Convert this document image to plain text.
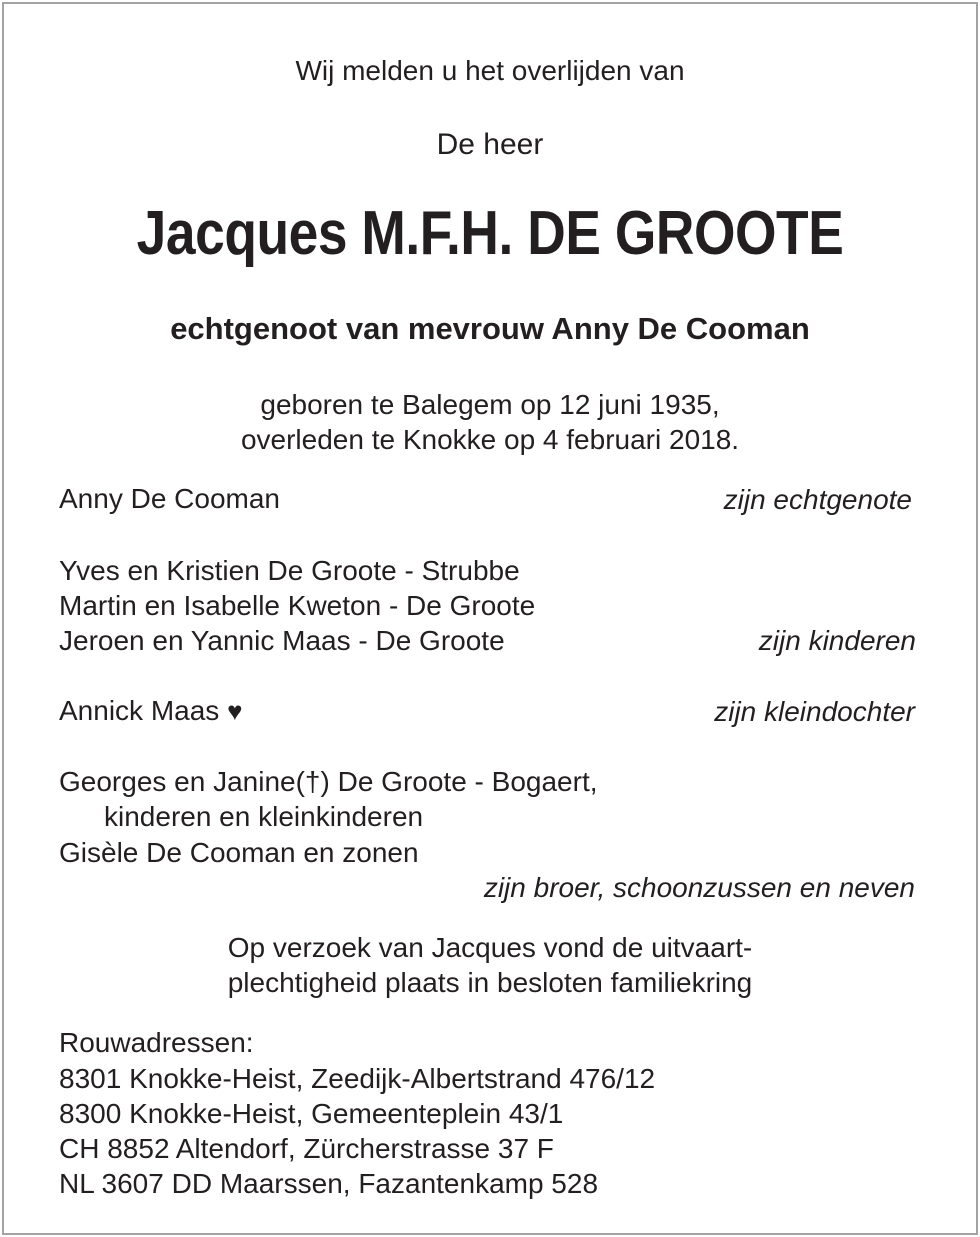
Wij melden u het overlijden van
De heer
Jacques M.F.H. DE GROOTE
echtgenoot van mevrouw Anny De Cooman
geboren te Balegem op 12 juni 1935,
overleden te Knokke op 4 februari 2018.
Anny De Cooman	zijn echtgenote
Yves en Kristien De Groote - Strubbe
Martin en Isabelle Kweton - De Groote
Jeroen en Yannic Maas - De Groote	zijn kinderen
Annick Maas ♥	zijn kleindochter
Georges en Janine(†) De Groote - Bogaert,
kinderen en kleinkinderen
Gisèle De Cooman en zonen
zijn broer, schoonzussen en neven
Op verzoek van Jacques vond de uitvaart-
plechtigheid plaats in besloten familiekring
Rouwadressen:
8301 Knokke-Heist, Zeedijk-Albertstrand 476/12
8300 Knokke-Heist, Gemeenteplein 43/1
CH 8852 Altendorf, Zürcherstrasse 37 F
NL 3607 DD Maarssen, Fazantenkamp 528
